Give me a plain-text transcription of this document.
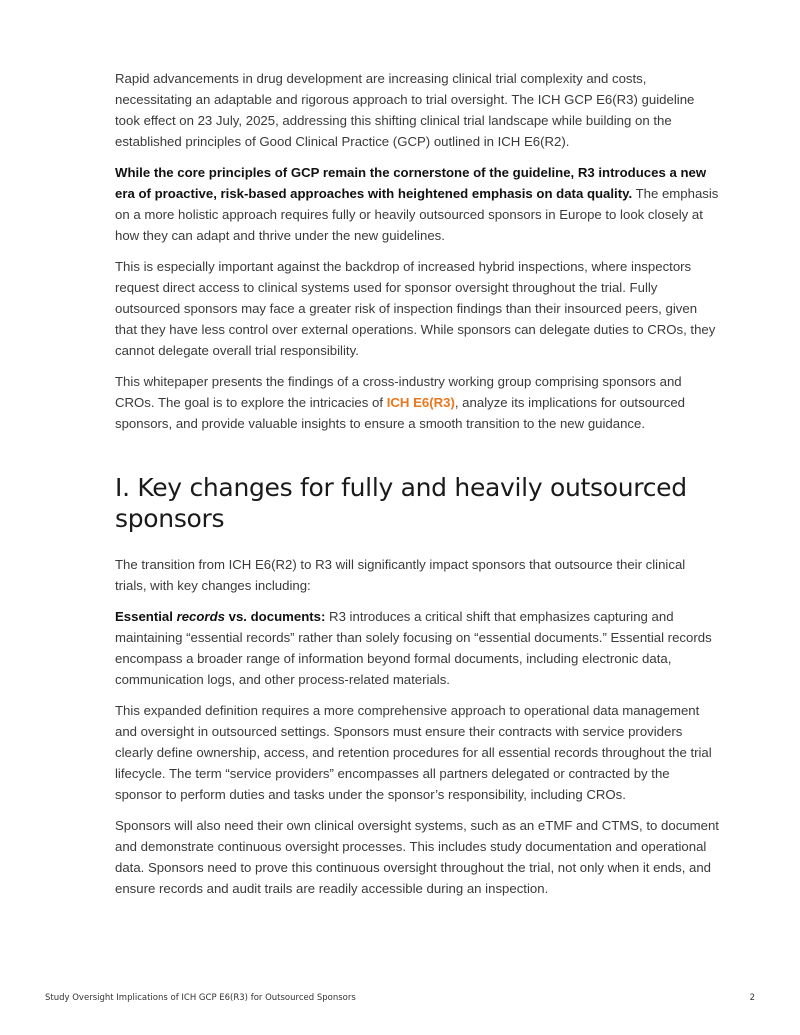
Rapid advancements in drug development are increasing clinical trial complexity and costs, necessitating an adaptable and rigorous approach to trial oversight. The ICH GCP E6(R3) guideline took effect on 23 July, 2025, addressing this shifting clinical trial landscape while building on the established principles of Good Clinical Practice (GCP) outlined in ICH E6(R2).

While the core principles of GCP remain the cornerstone of the guideline, R3 introduces a new era of proactive, risk-based approaches with heightened emphasis on data quality. The emphasis on a more holistic approach requires fully or heavily outsourced sponsors in Europe to look closely at how they can adapt and thrive under the new guidelines.

This is especially important against the backdrop of increased hybrid inspections, where inspectors request direct access to clinical systems used for sponsor oversight throughout the trial. Fully outsourced sponsors may face a greater risk of inspection findings than their insourced peers, given that they have less control over external operations. While sponsors can delegate duties to CROs, they cannot delegate overall trial responsibility.

This whitepaper presents the findings of a cross-industry working group comprising sponsors and CROs. The goal is to explore the intricacies of ICH E6(R3), analyze its implications for outsourced sponsors, and provide valuable insights to ensure a smooth transition to the new guidance.

I. Key changes for fully and heavily outsourced sponsors

The transition from ICH E6(R2) to R3 will significantly impact sponsors that outsource their clinical trials, with key changes including:

Essential records vs. documents: R3 introduces a critical shift that emphasizes capturing and maintaining “essential records” rather than solely focusing on “essential documents.” Essential records encompass a broader range of information beyond formal documents, including electronic data, communication logs, and other process-related materials.

This expanded definition requires a more comprehensive approach to operational data management and oversight in outsourced settings. Sponsors must ensure their contracts with service providers clearly define ownership, access, and retention procedures for all essential records throughout the trial lifecycle. The term “service providers” encompasses all partners delegated or contracted by the sponsor to perform duties and tasks under the sponsor’s responsibility, including CROs.

Sponsors will also need their own clinical oversight systems, such as an eTMF and CTMS, to document and demonstrate continuous oversight processes. This includes study documentation and operational data. Sponsors need to prove this continuous oversight throughout the trial, not only when it ends, and ensure records and audit trails are readily accessible during an inspection.

Study Oversight Implications of ICH GCP E6(R3) for Outsourced Sponsors	2
